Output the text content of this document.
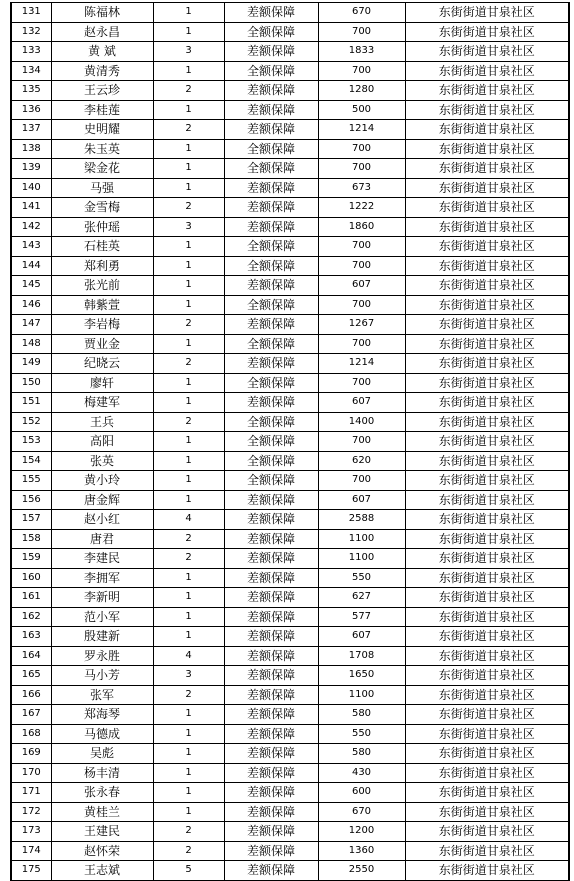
131	陈福林	1	差额保障	670	东街街道甘泉社区
132	赵永昌	1	全额保障	700	东街街道甘泉社区
133	黄 斌	3	差额保障	1833	东街街道甘泉社区
134	黄清秀	1	全额保障	700	东街街道甘泉社区
135	王云珍	2	差额保障	1280	东街街道甘泉社区
136	李桂莲	1	差额保障	500	东街街道甘泉社区
137	史明耀	2	差额保障	1214	东街街道甘泉社区
138	朱玉英	1	全额保障	700	东街街道甘泉社区
139	梁金花	1	全额保障	700	东街街道甘泉社区
140	马强	1	差额保障	673	东街街道甘泉社区
141	金雪梅	2	差额保障	1222	东街街道甘泉社区
142	张仲瑶	3	差额保障	1860	东街街道甘泉社区
143	石桂英	1	全额保障	700	东街街道甘泉社区
144	郑利勇	1	全额保障	700	东街街道甘泉社区
145	张光前	1	差额保障	607	东街街道甘泉社区
146	韩紫萱	1	全额保障	700	东街街道甘泉社区
147	李岩梅	2	差额保障	1267	东街街道甘泉社区
148	贾业金	1	全额保障	700	东街街道甘泉社区
149	纪晓云	2	差额保障	1214	东街街道甘泉社区
150	廖轩	1	全额保障	700	东街街道甘泉社区
151	梅建军	1	差额保障	607	东街街道甘泉社区
152	王兵	2	全额保障	1400	东街街道甘泉社区
153	高阳	1	全额保障	700	东街街道甘泉社区
154	张英	1	全额保障	620	东街街道甘泉社区
155	黄小玲	1	全额保障	700	东街街道甘泉社区
156	唐金辉	1	差额保障	607	东街街道甘泉社区
157	赵小红	4	差额保障	2588	东街街道甘泉社区
158	唐君	2	差额保障	1100	东街街道甘泉社区
159	李建民	2	差额保障	1100	东街街道甘泉社区
160	李拥军	1	差额保障	550	东街街道甘泉社区
161	李新明	1	差额保障	627	东街街道甘泉社区
162	范小军	1	差额保障	577	东街街道甘泉社区
163	殷建新	1	差额保障	607	东街街道甘泉社区
164	罗永胜	4	差额保障	1708	东街街道甘泉社区
165	马小芳	3	差额保障	1650	东街街道甘泉社区
166	张军	2	差额保障	1100	东街街道甘泉社区
167	郑海琴	1	差额保障	580	东街街道甘泉社区
168	马德成	1	差额保障	550	东街街道甘泉社区
169	吴彪	1	差额保障	580	东街街道甘泉社区
170	杨丰清	1	差额保障	430	东街街道甘泉社区
171	张永春	1	差额保障	600	东街街道甘泉社区
172	黄桂兰	1	差额保障	670	东街街道甘泉社区
173	王建民	2	差额保障	1200	东街街道甘泉社区
174	赵怀荣	2	差额保障	1360	东街街道甘泉社区
175	王志斌	5	差额保障	2550	东街街道甘泉社区
